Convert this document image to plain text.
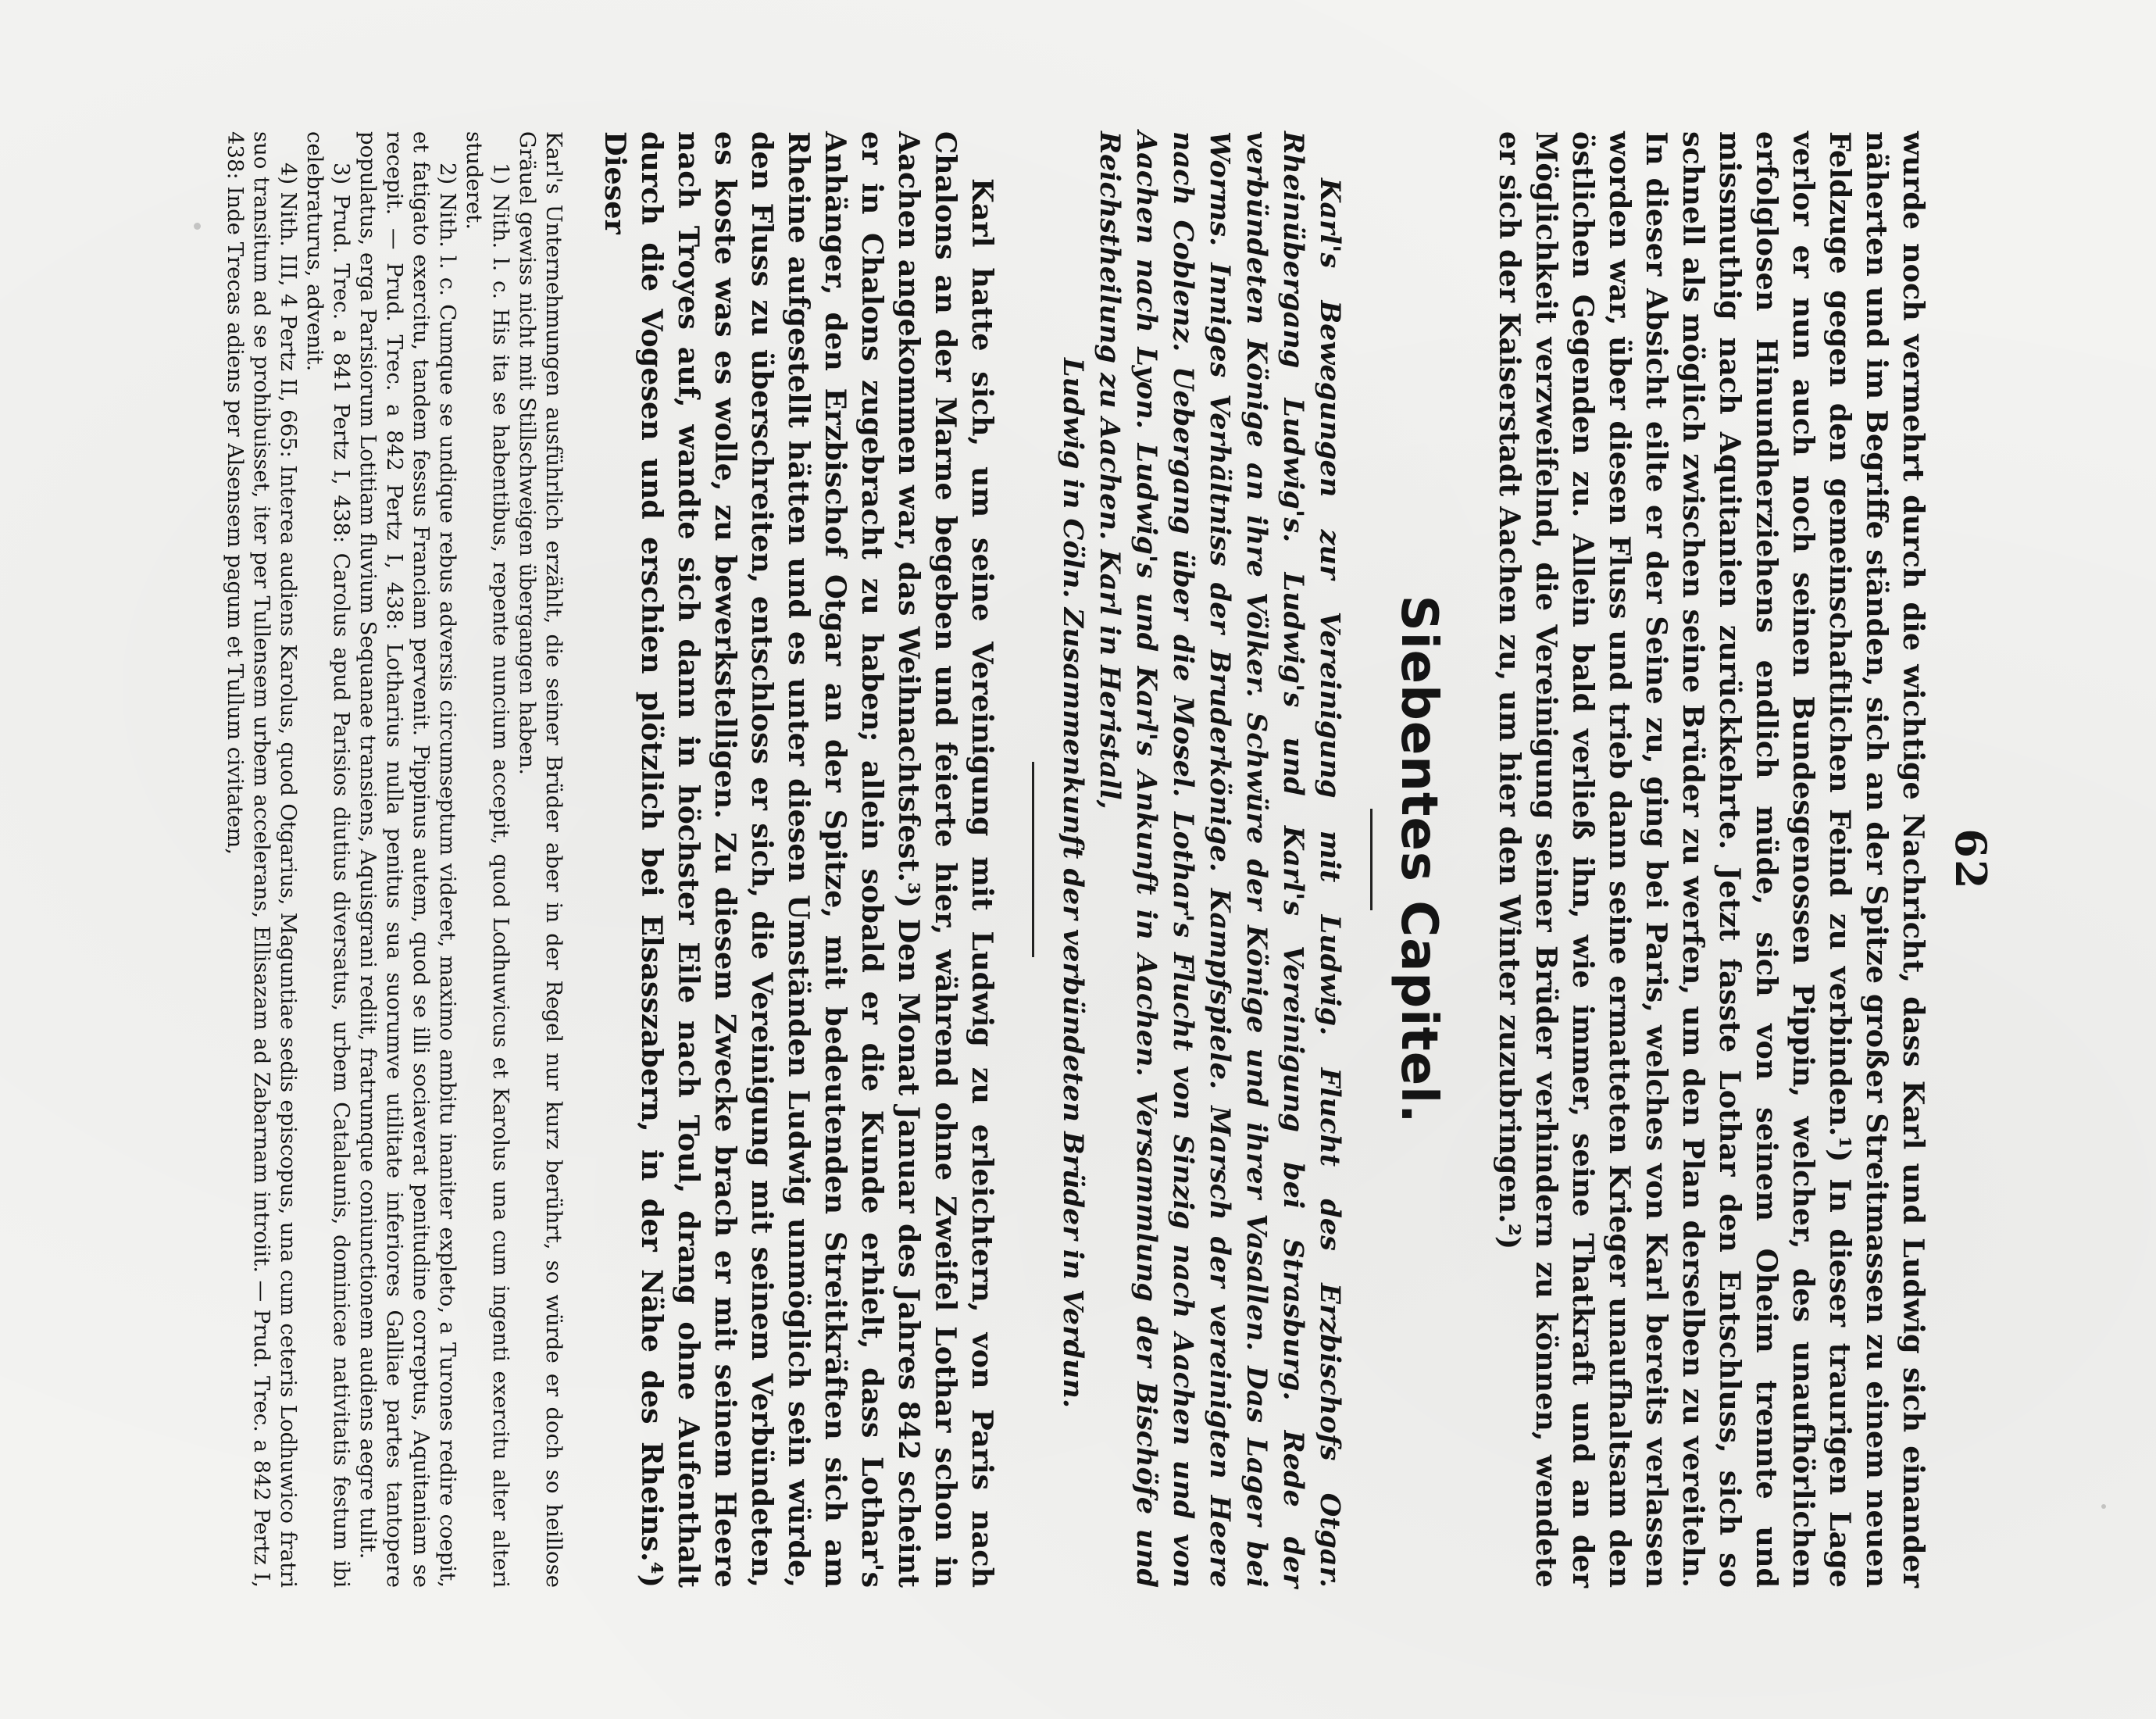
62

wurde noch vermehrt durch die wichtige Nachricht, dass Karl und Ludwig sich einander näherten und im Begriffe ständen, sich an der Spitze großer Streitmassen zu einem neuen Feldzuge gegen den gemeinschaftlichen Feind zu verbinden.¹) In dieser traurigen Lage verlor er nun auch noch seinen Bundesgenossen Pippin, welcher, des unaufhörlichen erfolglosen Hinundherziehens endlich müde, sich von seinem Oheim trennte und missmuthig nach Aquitanien zurückkehrte. Jetzt fasste Lothar den Entschluss, sich so schnell als möglich zwischen seine Brüder zu werfen, um den Plan derselben zu vereiteln. In dieser Absicht eilte er der Seine zu, ging bei Paris, welches von Karl bereits verlassen worden war, über diesen Fluss und trieb dann seine ermatteten Krieger unaufhaltsam den östlichen Gegenden zu. Allein bald verließ ihn, wie immer, seine Thatkraft und an der Möglichkeit verzweifelnd, die Vereinigung seiner Brüder verhindern zu können, wendete er sich der Kaiserstadt Aachen zu, um hier den Winter zuzubringen.²)

Siebentes Capitel.

Karl's Bewegungen zur Vereinigung mit Ludwig. Flucht des Erzbischofs Otgar. Rheinübergang Ludwig's. Ludwig's und Karl's Vereinigung bei Strasburg. Rede der verbündeten Könige an ihre Völker. Schwüre der Könige und ihrer Vasallen. Das Lager bei Worms. Inniges Verhältniss der Bruderkönige. Kampfspiele. Marsch der vereinigten Heere nach Coblenz. Uebergang über die Mosel. Lothar's Flucht von Sinzig nach Aachen und von Aachen nach Lyon. Ludwig's und Karl's Ankunft in Aachen. Versammlung der Bischöfe und Reichstheilung zu Aachen. Karl in Heristall,
Ludwig in Cöln. Zusammenkunft der verbündeten Brüder in Verdun.

Karl hatte sich, um seine Vereinigung mit Ludwig zu erleichtern, von Paris nach Chalons an der Marne begeben und feierte hier, während ohne Zweifel Lothar schon in Aachen angekommen war, das Weihnachtsfest.³) Den Monat Januar des Jahres 842 scheint er in Chalons zugebracht zu haben; allein sobald er die Kunde erhielt, dass Lothar's Anhänger, den Erzbischof Otgar an der Spitze, mit bedeutenden Streitkräften sich am Rheine aufgestellt hätten und es unter diesen Umständen Ludwig unmöglich sein würde, den Fluss zu überschreiten, entschloss er sich, die Vereinigung mit seinem Verbündeten, es koste was es wolle, zu bewerkstelligen. Zu diesem Zwecke brach er mit seinem Heere nach Troyes auf, wandte sich dann in höchster Eile nach Toul, drang ohne Aufenthalt durch die Vogesen und erschien plötzlich bei Elsasszabern, in der Nähe des Rheins.⁴) Dieser

Karl's Unternehmungen ausführlich erzählt, die seiner Brüder aber in der Regel nur kurz berührt, so würde er doch so heillose Gräuel gewiss nicht mit Stillschweigen übergangen haben.

1) Nith. l. c. His ita se habentibus, repente nuncium accepit, quod Lodhuwicus et Karolus una cum ingenti exercitu alter alteri studeret.

2) Nith. l. c. Cumque se undique rebus adversis circumseptum videret, maximo ambitu inaniter expleto, a Turones redire coepit, et fatigato exercitu, tandem fessus Franciam pervenit. Pippinus autem, quod se illi sociaverat penitudine correptus, Aquitaniam se recepit. — Prud. Trec. a 842 Pertz I, 438: Lotharius nulla penitus sua suorumve utilitate inferiores Galliae partes tantopere populatus, erga Parisiorum Lotitiam fluvium Sequanae transiens, Aquisgrani rediit, fratrumque coniunctionem audiens aegre tulit.

3) Prud. Trec. a 841 Pertz I, 438: Carolus apud Parisios diutius diversatus, urbem Catalaunis, dominicae nativitatis festum ibi celebraturus, advenit.

4) Nith. III, 4 Pertz II, 665: Interea audiens Karolus, quod Otgarius, Maguntiae sedis episcopus, una cum ceteris Lodhuwico fratri suo transitum ad se prohibuisset, iter per Tullensem urbem accelerans, Ellisazam ad Zabarnam introiit. — Prud. Trec. a 842 Pertz I, 438: Inde Trecas adiens per Alsensem pagum et Tullum civitatem,
